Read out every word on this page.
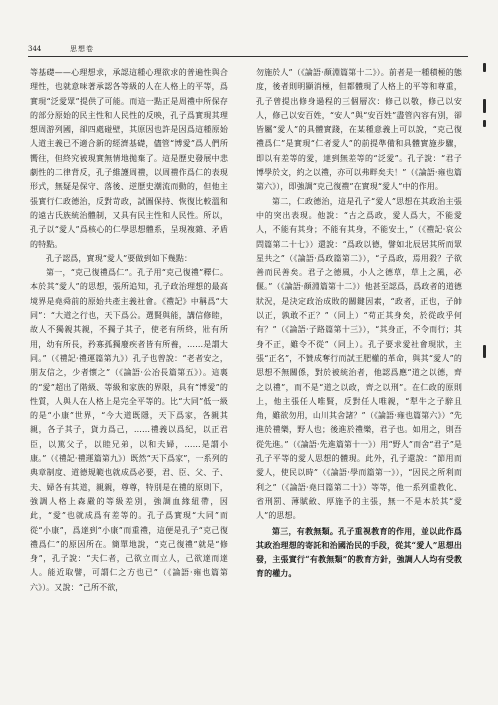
344	思想卷

等基礎——心理想求，承認這種心理欲求的普遍性與合理性，也就意味著承認各等級的人在人格上的平等，爲實現“泛愛眾”提供了可能。而這一點正是周禮中所保存的部分原始的民主性和人民性的反映，孔子爲實現其理想周游列國，卻四處碰壁，其原因也許是因爲這種原始人道主義已不適合新的經濟基礎，儘管“博愛”爲人們所嚮往，但終究被現實無情地拋棄了。這是歷史發展中悲劇性的二律背反，孔子維護周禮，以周禮作爲仁的表現形式，無疑是保守、落後、逆歷史潮流而動的，但他主張實行仁政德治，反對苛政，試圖保持、恢復比較溫和的遠古氏族統治體制，又具有民主性和人民性。所以，孔子以“愛人”爲核心的仁學思想體系，呈現複雜、矛盾的特點。

孔子認爲，實現“愛人”要做到如下幾點：

第一，“克己復禮爲仁”。孔子用“克己復禮”釋仁。本於其“愛人”的思想，張所追知，孔子政治理想的最高境界是堯舜前的原始共產主義社會。《禮記》中稱爲“大同”：“大道之行也，天下爲公。選賢與能，講信修睦，故人不獨親其親，不獨子其子，使老有所終，壯有所用，幼有所長，矜寡孤獨廢疾者皆有所養，……是謂大同。”（《禮記·禮運篇第九》）孔子也曾說：“老者安之，朋友信之，少者懷之”（《論語·公冶長篇第五》）。這裏的“愛”超出了階級、等級和家族的界限，具有“博愛”的性質，人與人在人格上是完全平等的。比“大同”低一級的是“小康”世界，“今大道既隱，天下爲家，各親其親，各子其子，貨力爲己，……禮義以爲紀，以正君臣，以篤父子，以睦兄弟，以和夫婦，……是謂小康。”（《禮記·禮運篇第九》）既然“天下爲家”，一系列的典章制度、道德規範也就成爲必要，君、臣、父、子、夫、婦各有其道，親親，尊尊，特別是在禮的原則下，強調人格上森嚴的等級差別，強調血緣紐帶，因此，“愛”也就成爲有差等的。孔子爲實現“大同”而從“小康”，爲達到“小康”而重禮，這便是孔子“克己復禮爲仁”的原因所在。簡單地說，“克己復禮”就是“修身”，孔子說：“夫仁者，己欲立而立人，己欲達而達人。能近取譬，可謂仁之方也已”（《論語·雍也篇第六》）。又說：“己所不欲，

勿施於人”（《論語·顏淵篇第十二》）。前者是一種積極的態度，後者則明顯消極，但都體現了人格上的平等和尊重，孔子曾提出修身過程的三個層次：修己以敬，修己以安人，修己以安百姓，“安人”與“安百姓”盡管內容有別，卻皆屬“愛人”的具體實踐，在某種意義上可以說，“克己復禮爲仁”是實現“仁者愛人”的前提準備和具體實施步驟，即以有差等的愛，達到無差等的“泛愛”。孔子說：“君子博學於文，約之以禮，亦可以弗畔矣夫！”（《論語·雍也篇第六》），即強調“克己復禮”在實現“愛人”中的作用。

第二，仁政德治，這是孔子“愛人”思想在其政治主張中的突出表現。他說：“古之爲政，愛人爲大，不能愛人，不能有其身；不能有其身，不能安土，”（《禮記·哀公問篇第二十七》）還說：“爲政以德，譬如北辰居其所而眾星共之”（《論語·爲政篇第二》），“子爲政，焉用殺？子欲善而民善矣。君子之德風，小人之德草，草上之風，必偃。”（《論語·顏淵篇第十二》）他甚至認爲，爲政者的道德狀況，是決定政治成敗的關鍵因素，“政者，正也，子帥以正，孰敢不正？”（同上）“苟正其身矣，於從政乎何有？”（《論語·子路篇第十三》），“其身正，不令而行；其身不正，雖令不從”（同上）。孔子要求愛社會現狀，主張“正名”，不贊成奪行而試王肥權的革命，與其“愛人”的思想不無關係，對於被統治者，他認爲應“道之以德，齊之以禮”，而不是“道之以政，齊之以刑”。在仁政的原則上，他主張任人唯賢，反對任人唯親，“犁牛之子騂且角，雖欲勿用，山川其舍諸？”（《論語·雍也篇第六》）“先進於禮樂，野人也；後進於禮樂，君子也。如用之，則吾從先進。”（《論語·先進篇第十一》）用“野人”而舍“君子”是孔子平等的愛人思想的體現。此外，孔子還說：“節用而愛人，使民以時”（《論語·學而篇第一》），“因民之所利而利之”（《論語·堯曰篇第二十》）等等，他一系列重教化、省刑罰、薄賦斂、厚施予的主張，無一不是本於其“愛人”的思想。

第三，有教無類。孔子重視教育的作用，並以此作爲其政治理想的寄託和治國治民的手段，從其“愛人”思想出發，主張實行“有教無類”的教育方針，強調人人均有受教育的權力。
